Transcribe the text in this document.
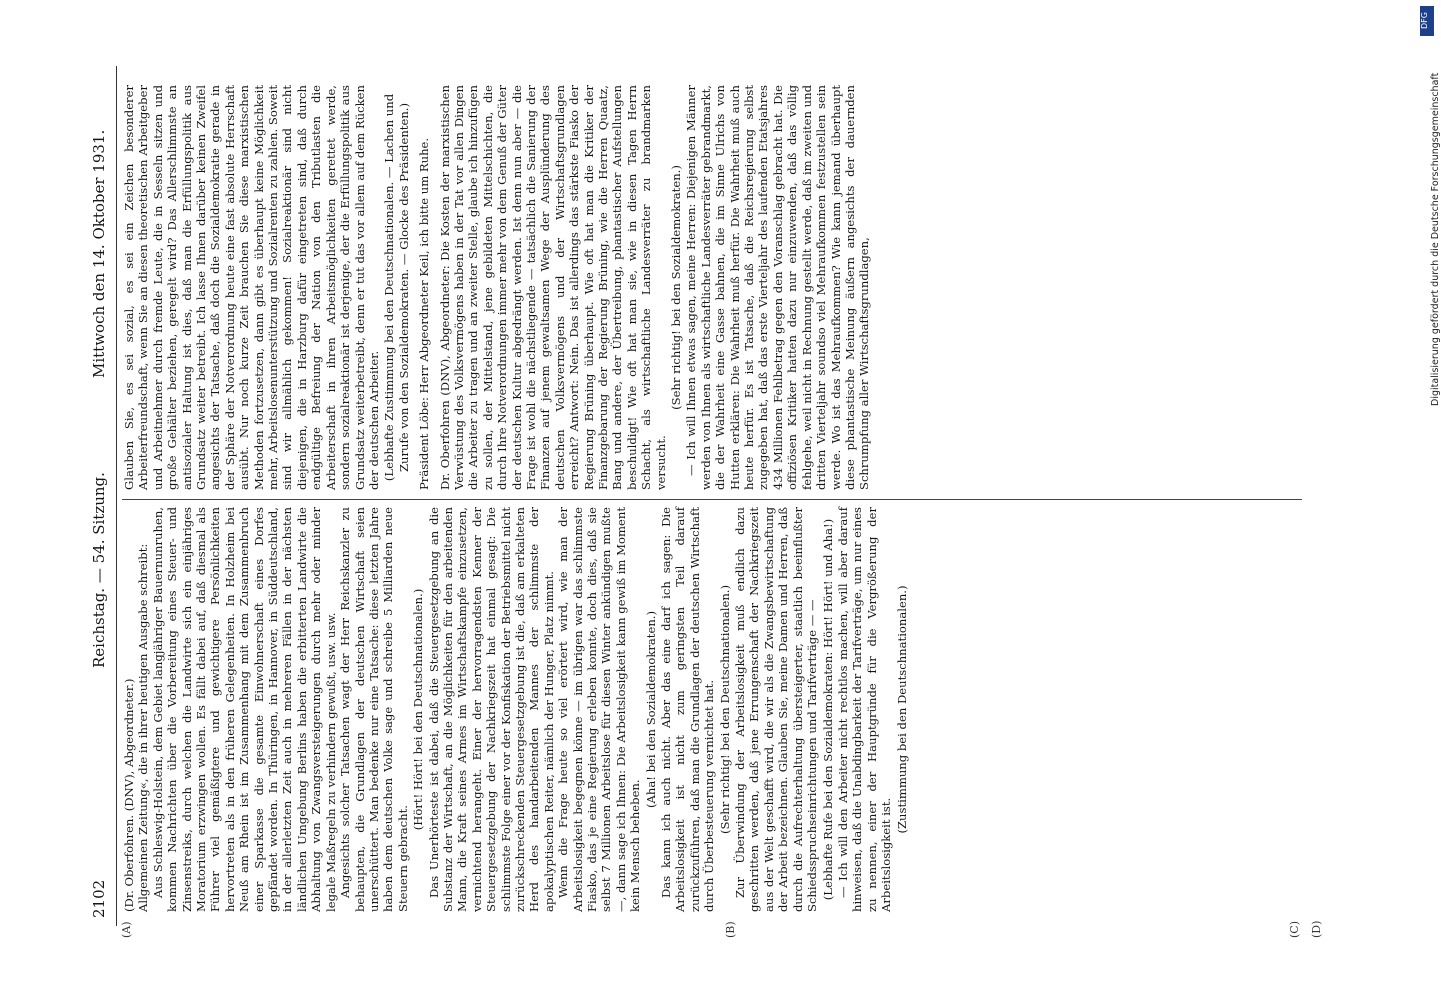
2102
Reichstag. — 54. Sitzung.
Mittwoch den 14. Oktober 1931.
(A)	(B)	(C) (D)

(Dr. Oberfohren. (DNV), Abgeordneter.) Allgemeinen Zeitung«, die in ihrer heutigen Ausgabe schreibt: Aus Schleswig-Holstein, dem Gebiet langjähriger Bauernunruhen, kommen Nachrichten über die Vorbereitung eines Steuer- und Zinsenstreiks, durch welchen die Landwirte sich ein einjähriges Moratorium erzwingen wollen. Es fällt dabei auf, daß diesmal als Führer viel gemäßigtere und gewichtigere Persönlichkeiten hervortreten als in den früheren Gelegenheiten. In Holzheim bei Neuß am Rhein ist im Zusammenhang mit dem Zusammenbruch einer Sparkasse die gesamte Einwohnerschaft eines Dorfes gepfändet worden. In Thüringen, in Hannover, in Süddeutschland, in der allerletzten Zeit auch in mehreren Fällen in der nächsten ländlichen Umgebung Berlins haben die erbitterten Landwirte die Abhaltung von Zwangsversteigerungen durch mehr oder minder legale Maßregeln zu verhindern gewußt, usw. usw. Angesichts solcher Tatsachen wagt der Herr Reichskanzler zu behaupten, die Grundlagen der deutschen Wirtschaft seien unerschüttert. Man bedenke nur eine Tatsache: diese letzten Jahre haben dem deutschen Volke sage und schreibe 5 Milliarden neue Steuern gebracht.

(Hört! Hört! bei den Deutschnationalen.) Das Unerhörteste ist dabei, daß die Steuergesetzgebung an die Substanz der Wirtschaft, an die Möglichkeiten für den arbeitenden Mann, die Kraft seines Armes im Wirtschaftskampfe einzusetzen, vernichtend herangeht. Einer der hervorragendsten Kenner der Steuergesetzgebung der Nachkriegszeit hat einmal gesagt: Die schlimmste Folge einer vor der Konfiskation der Betriebsmittel nicht zurückschreckenden Steuergesetzgebung ist die, daß am erkalteten Herd des handarbeitenden Mannes der schlimmste der apokalyptischen Reiter, nämlich der Hunger, Platz nimmt. Wenn die Frage heute so viel erörtert wird, wie man der Arbeitslosigkeit begegnen könne — im übrigen war das schlimmste Fiasko, das je eine Regierung erleben konnte, doch dies, daß sie selbst 7 Millionen Arbeitslose für diesen Winter ankündigen mußte —, dann sage ich Ihnen: Die Arbeitslosigkeit kann gewiß im Moment kein Mensch beheben.

(Aha! bei den Sozialdemokraten.) Das kann ich auch nicht. Aber das eine darf ich sagen: Die Arbeitslosigkeit ist nicht zum geringsten Teil darauf zurückzuführen, daß man die Grundlagen der deutschen Wirtschaft durch Überbesteuerung vernichtet hat. (Sehr richtig! bei den Deutschnationalen.) Zur Überwindung der Arbeitslosigkeit muß endlich dazu geschritten werden, daß jene Errungenschaft der Nachkriegszeit aus der Welt geschafft wird, die wir als die Zwangsbewirtschaftung der Arbeit bezeichnen. Glauben Sie, meine Damen und Herren, daß durch die Aufrechterhaltung übersteigerter, staatlich beeinflußter Schiedsspruchseinrichtungen und Tarifverträge — — (Lebhafte Rufe bei den Sozialdemokraten: Hört! Hört! und Aha!) — Ich will den Arbeiter nicht rechtlos machen, will aber darauf hinweisen, daß die Unabdingbarkeit der Tarifverträge, um nur eines zu nennen, einer der Hauptgründe für die Vergrößerung der Arbeitslosigkeit ist.

(Zustimmung bei den Deutschnationalen.)

Glauben Sie, es sei sozial, es sei ein Zeichen besonderer Arbeiterfreundschaft, wenn Sie an diesen theoretischen Arbeitgeber und Arbeitnehmer durch fremde Leute, die in Sesseln sitzen und große Gehälter beziehen, geregelt wird? Das Allerschlimmste an antisozialer Haltung ist dies, daß man die Erfüllungspolitik aus Grundsatz weiter betreibt. Ich lasse Ihnen darüber keinen Zweifel angesichts der Tatsache, daß doch die Sozialdemokratie gerade in der Sphäre der Notverordnung heute eine fast absolute Herrschaft ausübt. Nur noch kurze Zeit brauchen Sie diese marxistischen Methoden fortzusetzen, dann gibt es überhaupt keine Möglichkeit mehr, Arbeitslosenunterstützung und Sozialrenten zu zahlen. Soweit sind wir allmählich gekommen! Sozialreaktionär sind nicht diejenigen, die in Harzburg dafür eingetreten sind, daß durch endgültige Befreiung der Nation von den Tributlasten die Arbeiterschaft in ihren Arbeitsmöglichkeiten gerettet werde, sondern sozialreaktionär ist derjenige, der die Erfüllungspolitik aus Grundsatz weiterbetreibt, denn er tut das vor allem auf dem Rücken der deutschen Arbeiter. (Lebhafte Zustimmung bei den Deutschnationalen. — Lachen und Zurufe von den Sozialdemokraten. — Glocke des Präsidenten.) Präsident Löbe: Herr Abgeordneter Keil, ich bitte um Ruhe. Dr. Oberfohren (DNV), Abgeordneter: Die Kosten der marxistischen Verwüstung des Volksvermögens haben in der Tat vor allen Dingen die Arbeiter zu tragen und an zweiter Stelle, glaube ich hinzufügen zu sollen, der Mittelstand, jene gebildeten Mittelschichten, die durch Ihre Notverordnungen immer mehr von dem Genuß der Güter der deutschen Kultur abgedrängt werden. Ist denn nun aber — die Frage ist wohl die nächstliegende — tatsächlich die Sanierung der Finanzen auf jenem gewaltsamen Wege der Ausplünderung des deutschen Volksvermögens und der Wirtschaftsgrundlagen erreicht? Antwort: Nein. Das ist allerdings das stärkste Fiasko der Regierung Brüning überhaupt. Wie oft hat man die Kritiker der Finanzgebarung der Regierung Brüning, wie die Herren Quaatz, Bang und andere, der Übertreibung, phantastischer Aufstellungen beschuldigt! Wie oft hat man sie, wie in diesen Tagen Herrn Schacht, als wirtschaftliche Landesverräter zu brandmarken versucht.

(Sehr richtig! bei den Sozialdemokraten.) — Ich will Ihnen etwas sagen, meine Herren: Diejenigen Männer werden von Ihnen als wirtschaftliche Landesverräter gebrandmarkt, die der Wahrheit eine Gasse bahnen, die im Sinne Ulrichs von Hutten erklären: Die Wahrheit muß herfür. Die Wahrheit muß auch heute herfür. Es ist Tatsache, daß die Reichsregierung selbst zugegeben hat, daß das erste Vierteljahr des laufenden Etatsjahres 434 Millionen Fehlbetrag gegen den Voranschlag gebracht hat. Die offiziösen Kritiker hatten dazu nur einzuwenden, daß das völlig fehlgehe, weil nicht in Rechnung gestellt werde, daß im zweiten und dritten Vierteljahr soundso viel Mehraufkommen festzustellen sein werde. Wo ist das Mehraufkommen? Wie kann jemand überhaupt diese phantastische Meinung äußern angesichts der dauernden Schrumpfung aller Wirtschaftsgrundlagen,	Digitalisierung gefördert durch die Deutsche Forschungsgemeinschaft
DFG
